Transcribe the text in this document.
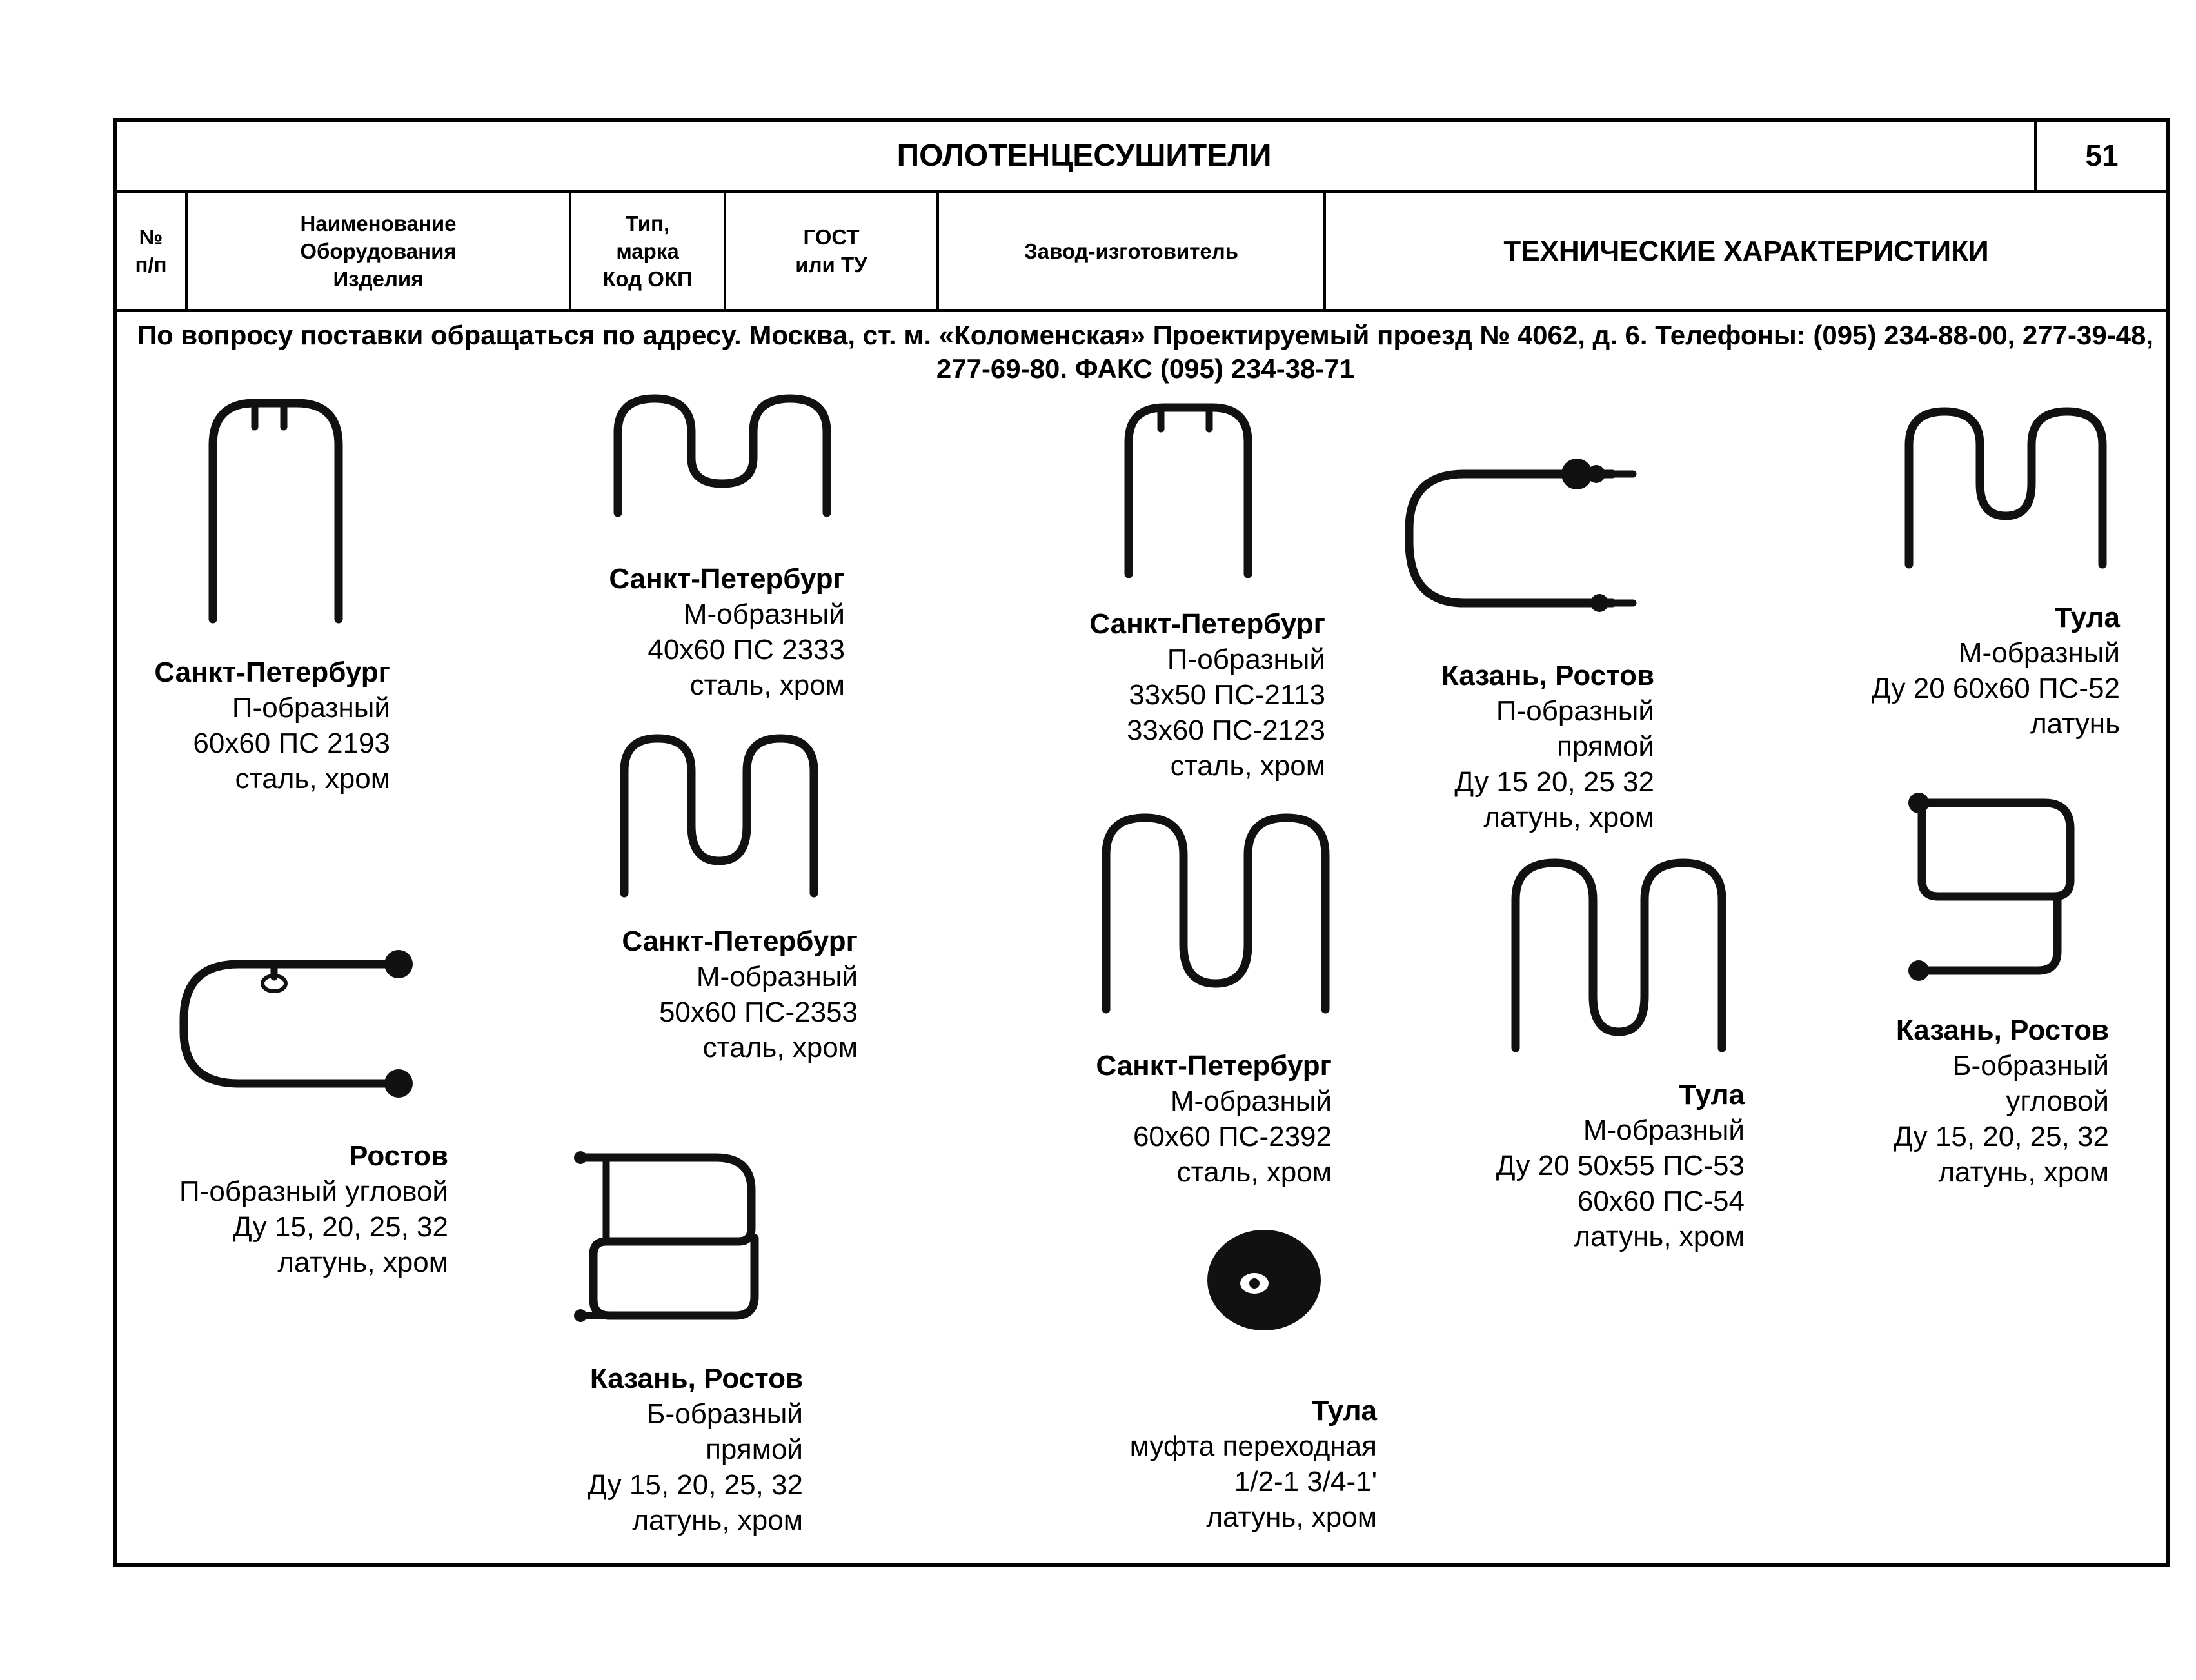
ПОЛОТЕНЦЕСУШИТЕЛИ	51
№
п/п
Наименование
Оборудования
Изделия
Тип,
марка
Код ОКП
ГОСТ
или ТУ
Завод-изготовитель	ТЕХНИЧЕСКИЕ ХАРАКТЕРИСТИКИ
По вопросу поставки обращаться по адресу. Москва, ст. м. «Коломенская» Проектируемый проезд № 4062, д. 6. Телефоны: (095) 234-88-00, 277-39-48, 277-69-80. ФАКС (095) 234-38-71
Санкт-Петербург
П-образный
60х60 ПС 2193
сталь, хром
Санкт-Петербург
М-образный
40х60 ПС 2333
сталь, хром
Санкт-Петербург
М-образный
50х60 ПС-2353
сталь, хром
Ростов
П-образный угловой
Ду 15, 20, 25, 32
латунь, хром
Казань, Ростов
Б-образный
прямой
Ду 15, 20, 25, 32
латунь, хром
Санкт-Петербург
П-образный
33х50 ПС-2113
33х60 ПС-2123
сталь, хром
Санкт-Петербург
М-образный
60х60 ПС-2392
сталь, хром
Тула
муфта переходная
1/2-1 3/4-1'
латунь, хром
Казань, Ростов
П-образный
прямой
Ду 15 20, 25 32
латунь, хром
Тула
М-образный
Ду 20 50х55 ПС-53
60х60 ПС-54
латунь, хром
Тула
М-образный
Ду 20 60х60 ПС-52
латунь
Казань, Ростов
Б-образный
угловой
Ду 15, 20, 25, 32
латунь, хром
